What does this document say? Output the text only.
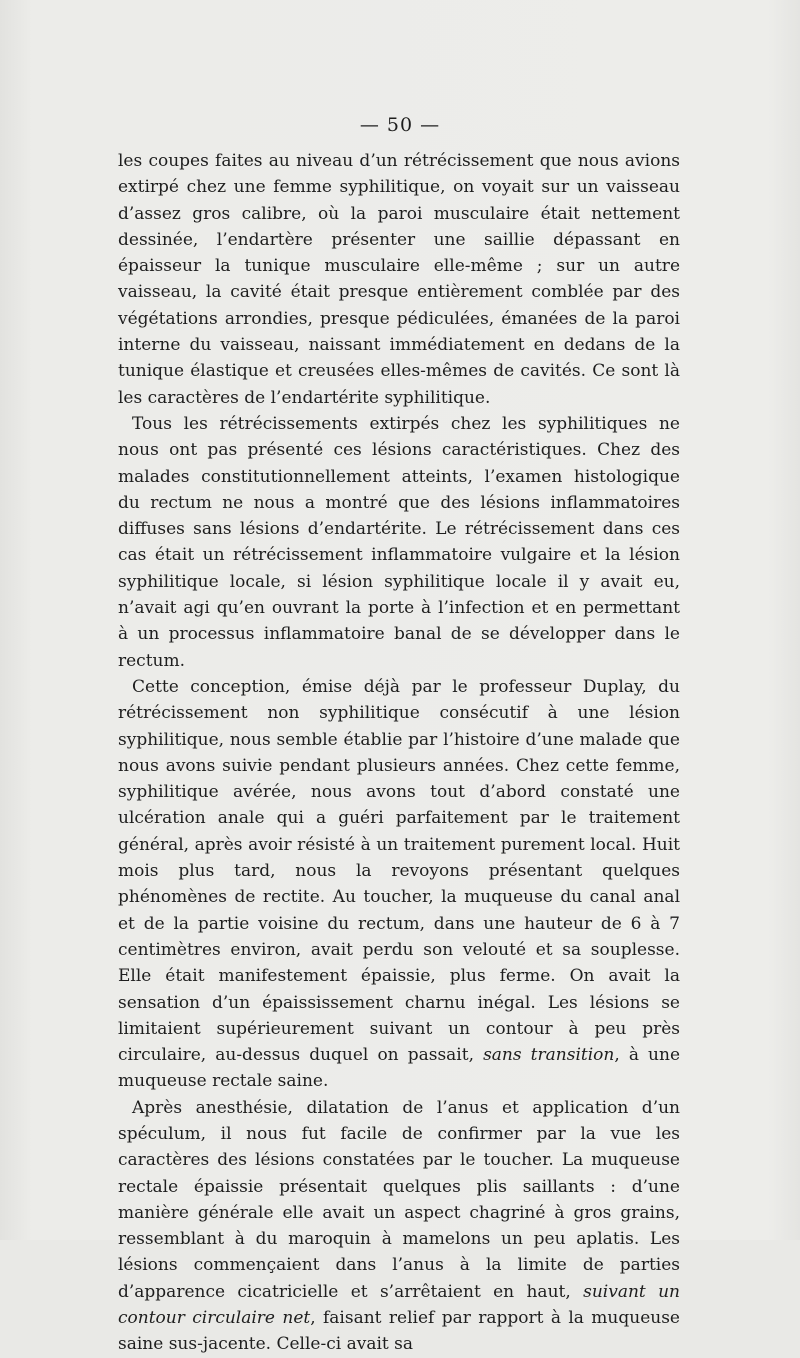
— 50 —

les coupes faites au niveau d’un rétrécissement que nous avions extirpé chez une femme syphilitique, on voyait sur un vaisseau d’assez gros calibre, où la paroi musculaire était nettement dessinée, l’endartère présenter une saillie dépassant en épaisseur la tunique musculaire elle-même ; sur un autre vaisseau, la cavité était presque entièrement comblée par des végétations arrondies, presque pédiculées, émanées de la paroi interne du vaisseau, naissant immédiatement en dedans de la tunique élastique et creusées elles-mêmes de cavités. Ce sont là les caractères de l’endartérite syphilitique.

Tous les rétrécissements extirpés chez les syphilitiques ne nous ont pas présenté ces lésions caractéristiques. Chez des malades constitutionnellement atteints, l’examen histologique du rectum ne nous a montré que des lésions inflammatoires diffuses sans lésions d’endartérite. Le rétrécissement dans ces cas était un rétrécissement inflammatoire vulgaire et la lésion syphilitique locale, si lésion syphilitique locale il y avait eu, n’avait agi qu’en ouvrant la porte à l’infection et en permettant à un processus inflammatoire banal de se développer dans le rectum.

Cette conception, émise déjà par le professeur Duplay, du rétrécissement non syphilitique consécutif à une lésion syphilitique, nous semble établie par l’histoire d’une malade que nous avons suivie pendant plusieurs années. Chez cette femme, syphilitique avérée, nous avons tout d’abord constaté une ulcération anale qui a guéri parfaitement par le traitement général, après avoir résisté à un traitement purement local. Huit mois plus tard, nous la revoyons présentant quelques phénomènes de rectite. Au toucher, la muqueuse du canal anal et de la partie voisine du rectum, dans une hauteur de 6 à 7 centimètres environ, avait perdu son velouté et sa souplesse. Elle était manifestement épaissie, plus ferme. On avait la sensation d’un épaississement charnu inégal. Les lésions se limitaient supérieurement suivant un contour à peu près circulaire, au-dessus duquel on passait, sans transition, à une muqueuse rectale saine.

Après anesthésie, dilatation de l’anus et application d’un spéculum, il nous fut facile de confirmer par la vue les caractères des lésions constatées par le toucher. La muqueuse rectale épaissie présentait quelques plis saillants : d’une manière générale elle avait un aspect chagriné à gros grains, ressemblant à du maroquin à mamelons un peu aplatis. Les lésions commençaient dans l’anus à la limite de parties d’apparence cicatricielle et s’arrêtaient en haut, suivant un contour circulaire net, faisant relief par rapport à la muqueuse saine sus-jacente. Celle-ci avait sa
